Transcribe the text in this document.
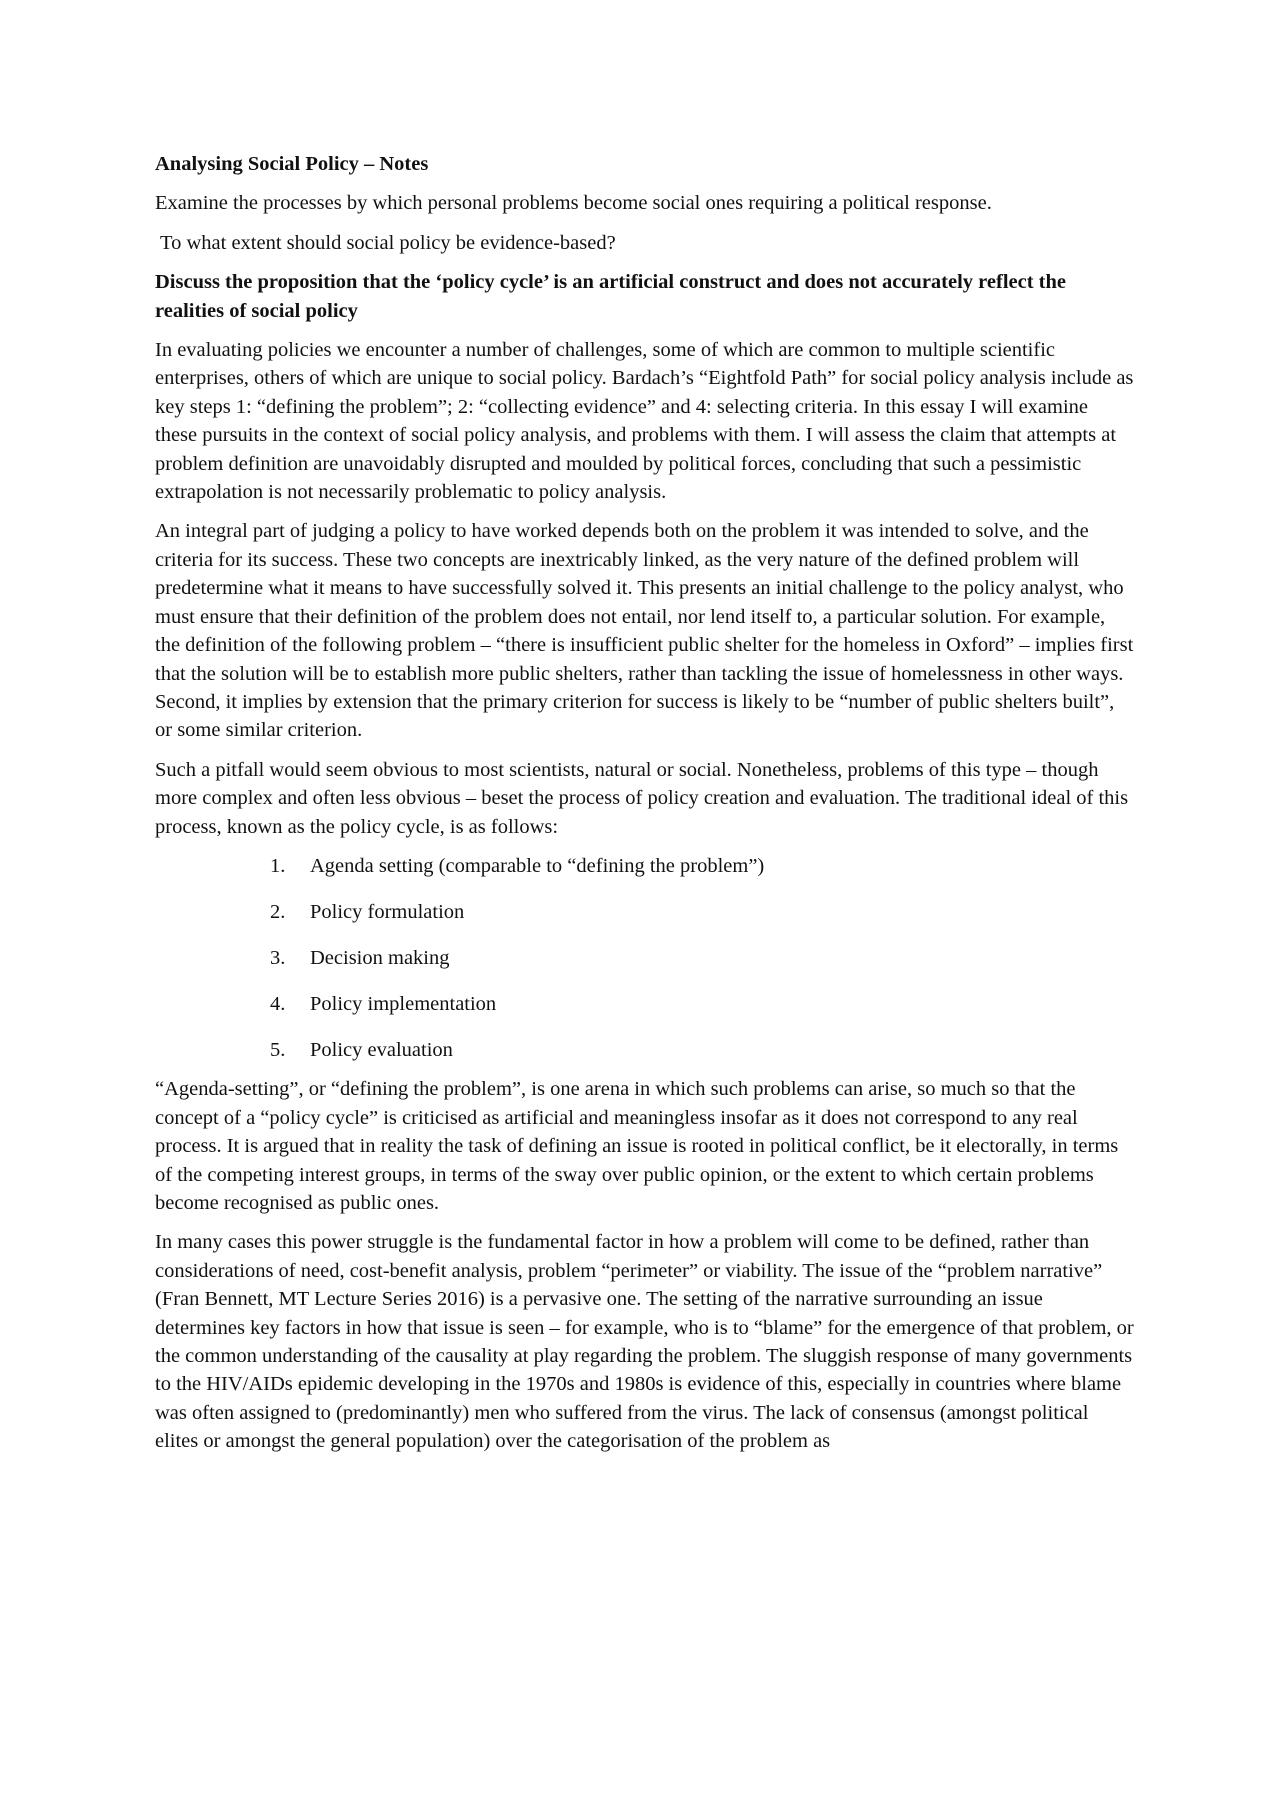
Analysing Social Policy – Notes

Examine the processes by which personal problems become social ones requiring a political response.

To what extent should social policy be evidence-based?

Discuss the proposition that the ‘policy cycle’ is an artificial construct and does not accurately reflect the realities of social policy

In evaluating policies we encounter a number of challenges, some of which are common to multiple scientific enterprises, others of which are unique to social policy. Bardach’s “Eightfold Path” for social policy analysis include as key steps 1: “defining the problem”; 2: “collecting evidence” and 4: selecting criteria. In this essay I will examine these pursuits in the context of social policy analysis, and problems with them. I will assess the claim that attempts at problem definition are unavoidably disrupted and moulded by political forces, concluding that such a pessimistic extrapolation is not necessarily problematic to policy analysis.

An integral part of judging a policy to have worked depends both on the problem it was intended to solve, and the criteria for its success. These two concepts are inextricably linked, as the very nature of the defined problem will predetermine what it means to have successfully solved it. This presents an initial challenge to the policy analyst, who must ensure that their definition of the problem does not entail, nor lend itself to, a particular solution. For example, the definition of the following problem – “there is insufficient public shelter for the homeless in Oxford” – implies first that the solution will be to establish more public shelters, rather than tackling the issue of homelessness in other ways. Second, it implies by extension that the primary criterion for success is likely to be “number of public shelters built”, or some similar criterion.

Such a pitfall would seem obvious to most scientists, natural or social. Nonetheless, problems of this type – though more complex and often less obvious – beset the process of policy creation and evaluation. The traditional ideal of this process, known as the policy cycle, is as follows:

1.	Agenda setting (comparable to “defining the problem”)
2.	Policy formulation
3.	Decision making
4.	Policy implementation
5.	Policy evaluation

“Agenda-setting”, or “defining the problem”, is one arena in which such problems can arise, so much so that the concept of a “policy cycle” is criticised as artificial and meaningless insofar as it does not correspond to any real process. It is argued that in reality the task of defining an issue is rooted in political conflict, be it electorally, in terms of the competing interest groups, in terms of the sway over public opinion, or the extent to which certain problems become recognised as public ones.

In many cases this power struggle is the fundamental factor in how a problem will come to be defined, rather than considerations of need, cost-benefit analysis, problem “perimeter” or viability. The issue of the “problem narrative” (Fran Bennett, MT Lecture Series 2016) is a pervasive one. The setting of the narrative surrounding an issue determines key factors in how that issue is seen – for example, who is to “blame” for the emergence of that problem, or the common understanding of the causality at play regarding the problem. The sluggish response of many governments to the HIV/AIDs epidemic developing in the 1970s and 1980s is evidence of this, especially in countries where blame was often assigned to (predominantly) men who suffered from the virus. The lack of consensus (amongst political elites or amongst the general population) over the categorisation of the problem as
